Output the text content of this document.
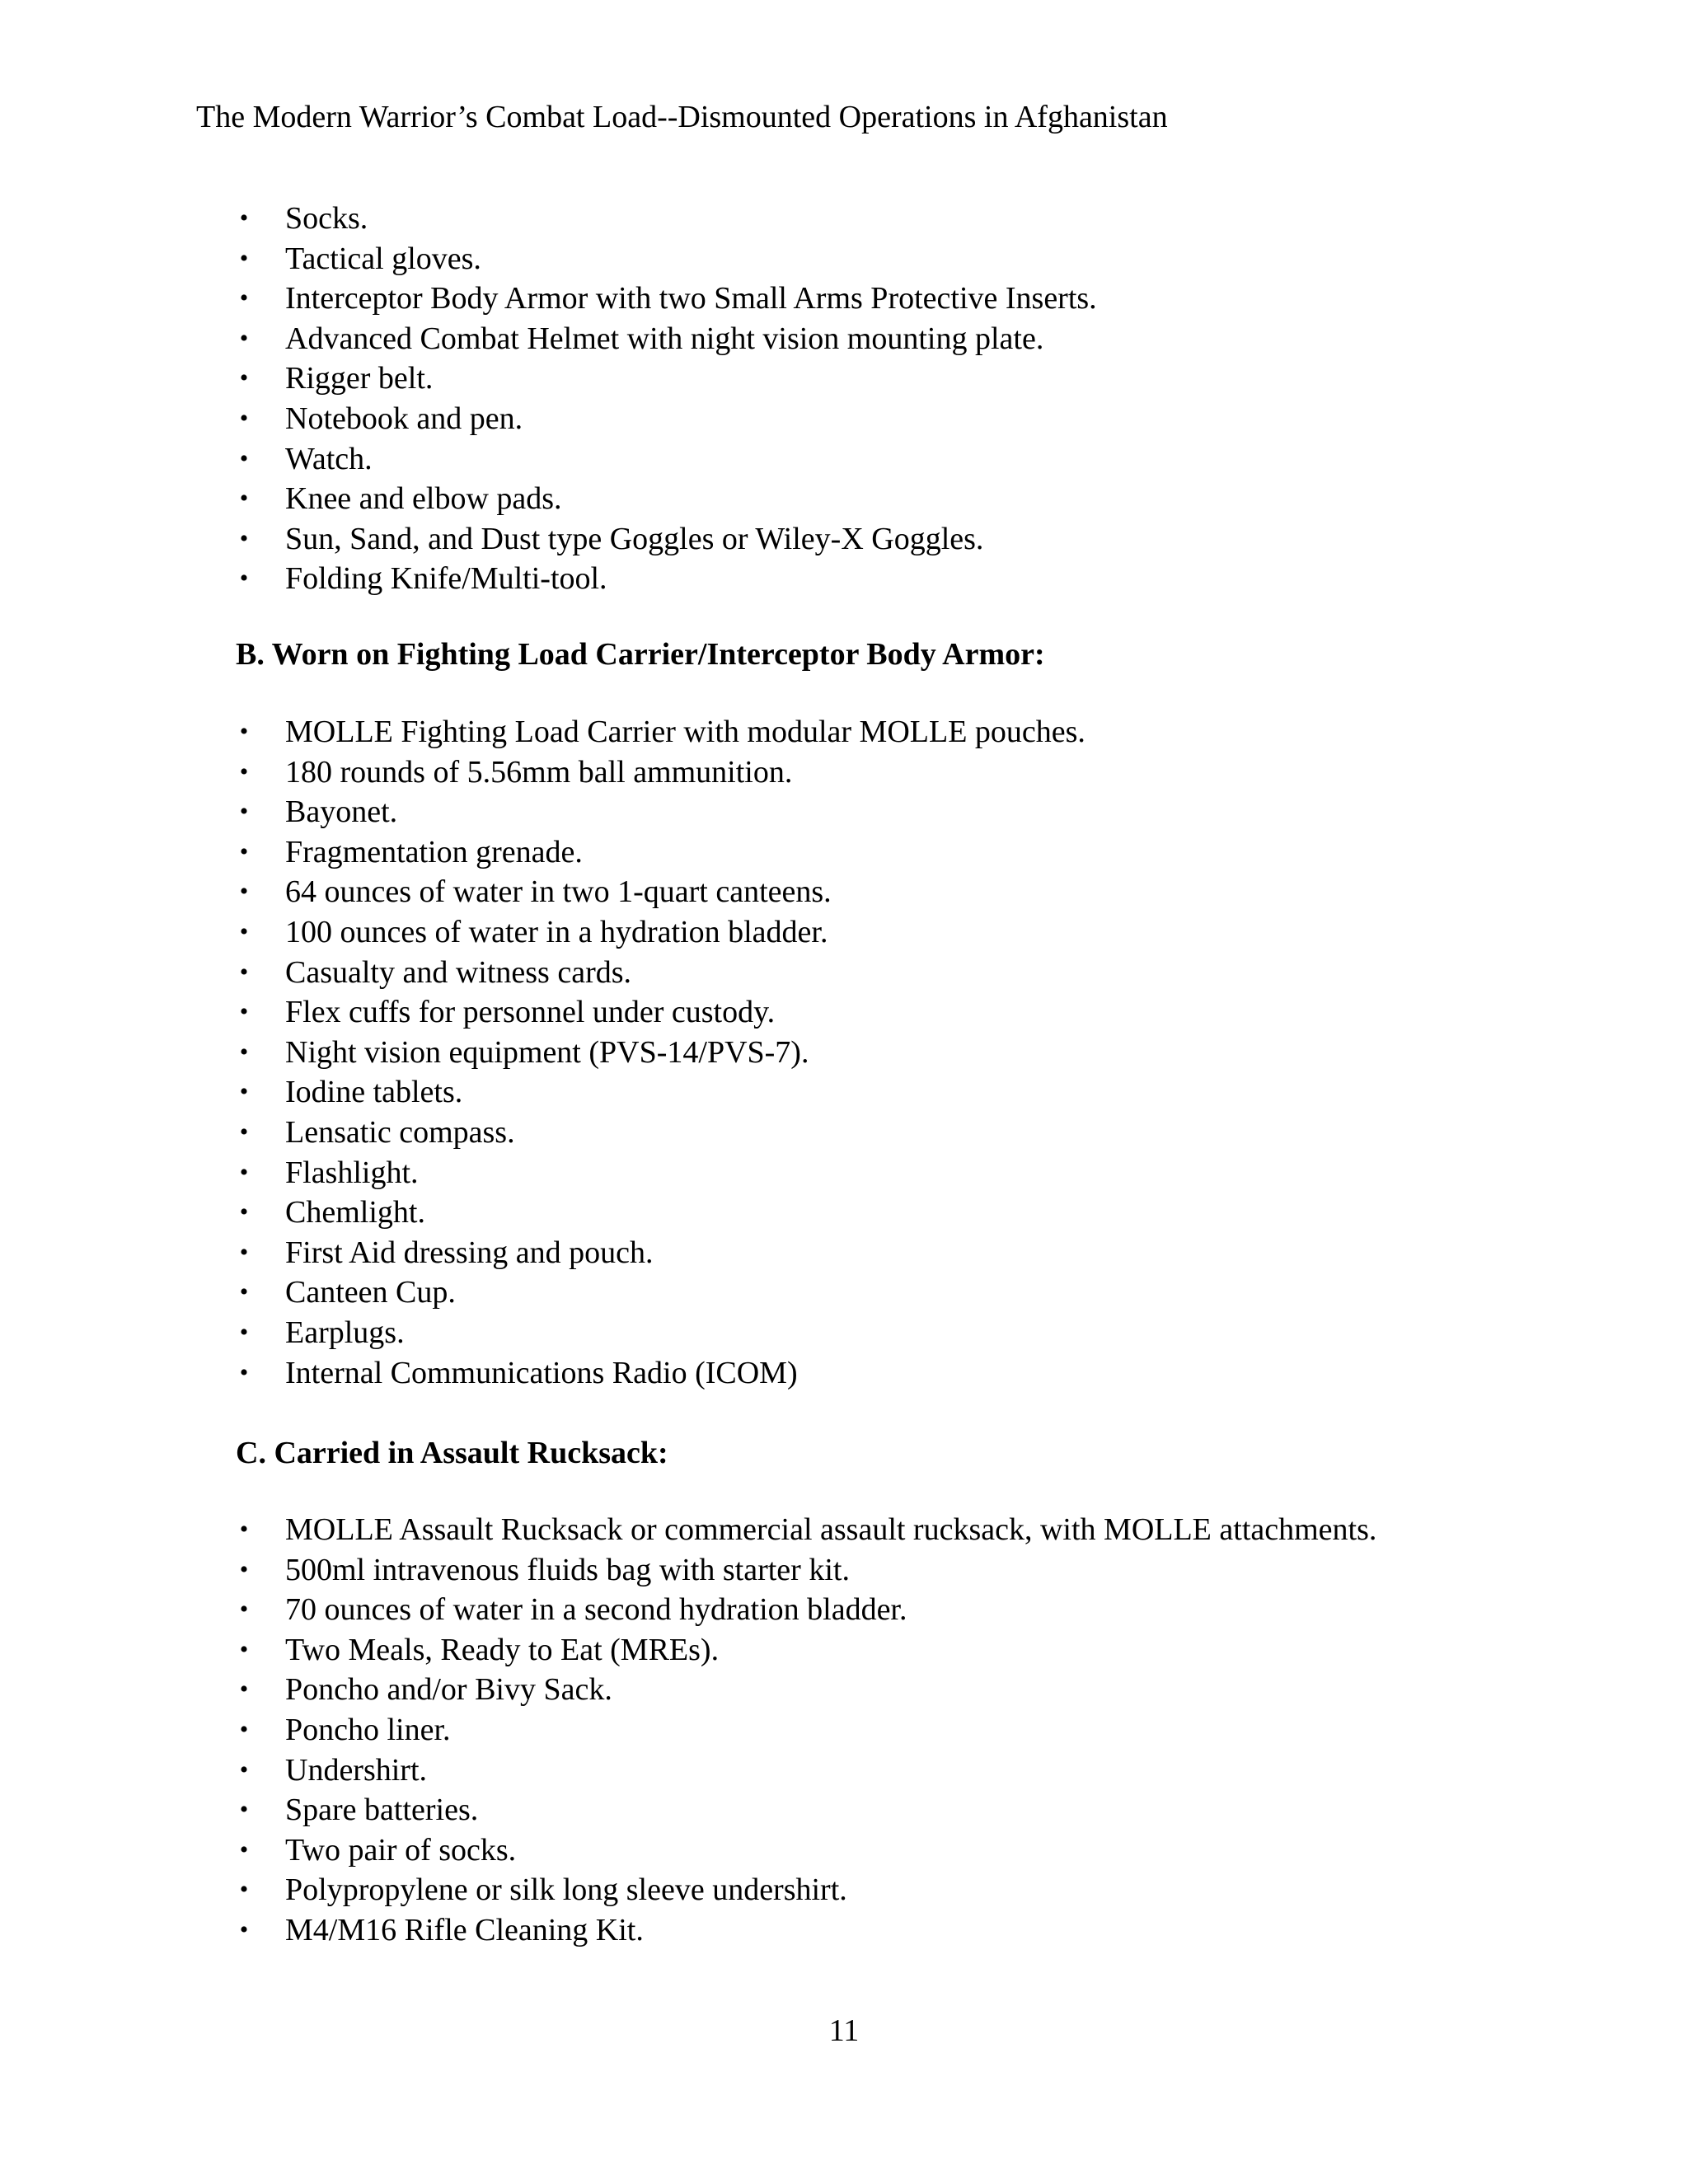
The Modern Warrior’s Combat Load--Dismounted Operations in Afghanistan
• Socks.
• Tactical gloves.
• Interceptor Body Armor with two Small Arms Protective Inserts.
• Advanced Combat Helmet with night vision mounting plate.
• Rigger belt.
• Notebook and pen.
• Watch.
• Knee and elbow pads.
• Sun, Sand, and Dust type Goggles or Wiley-X Goggles.
• Folding Knife/Multi-tool.
B. Worn on Fighting Load Carrier/Interceptor Body Armor:
• MOLLE Fighting Load Carrier with modular MOLLE pouches.
• 180 rounds of 5.56mm ball ammunition.
• Bayonet.
• Fragmentation grenade.
• 64 ounces of water in two 1-quart canteens.
• 100 ounces of water in a hydration bladder.
• Casualty and witness cards.
• Flex cuffs for personnel under custody.
• Night vision equipment (PVS-14/PVS-7).
• Iodine tablets.
• Lensatic compass.
• Flashlight.
• Chemlight.
• First Aid dressing and pouch.
• Canteen Cup.
• Earplugs.
• Internal Communications Radio (ICOM)
C. Carried in Assault Rucksack:
• MOLLE Assault Rucksack or commercial assault rucksack, with MOLLE attachments.
• 500ml intravenous fluids bag with starter kit.
• 70 ounces of water in a second hydration bladder.
• Two Meals, Ready to Eat (MREs).
• Poncho and/or Bivy Sack.
• Poncho liner.
• Undershirt.
• Spare batteries.
• Two pair of socks.
• Polypropylene or silk long sleeve undershirt.
• M4/M16 Rifle Cleaning Kit.
11
